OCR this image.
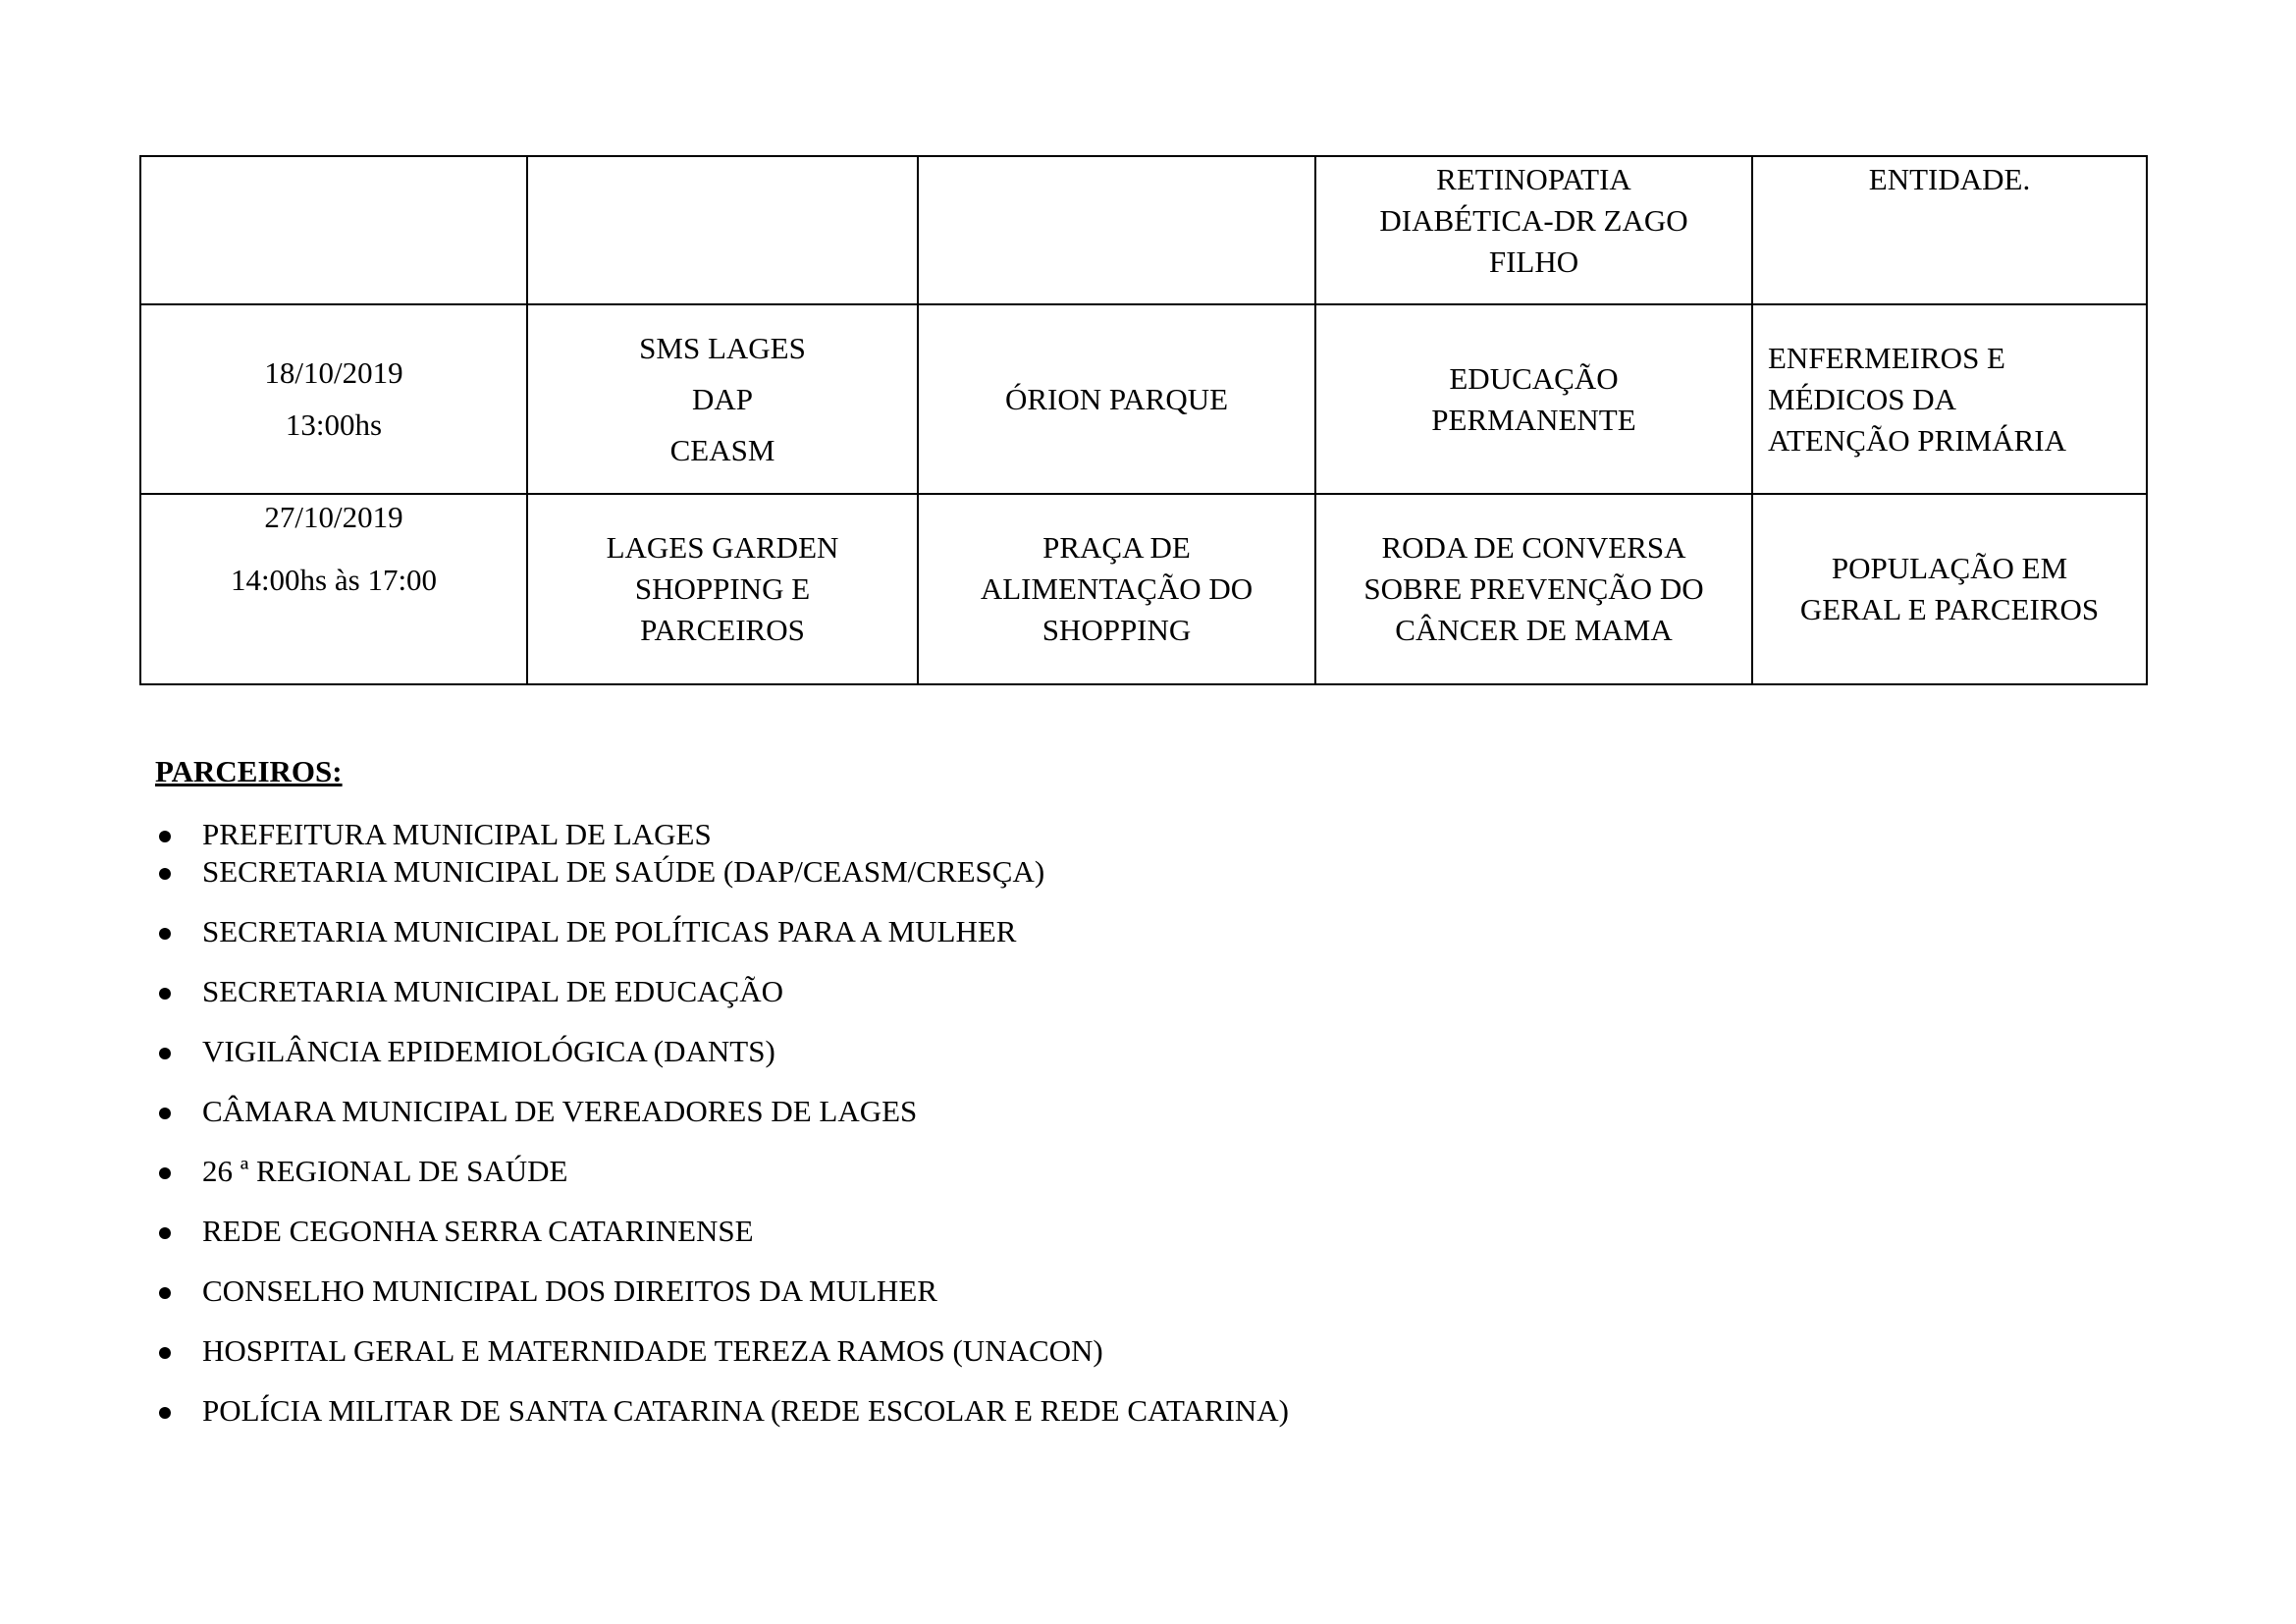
			RETINOPATIA
DIABÉTICA-DR ZAGO
FILHO	ENTIDADE.

18/10/2019
13:00hs	SMS LAGES
DAP
CEASM	ÓRION PARQUE	EDUCAÇÃO
PERMANENTE	ENFERMEIROS E
MÉDICOS DA
ATENÇÃO PRIMÁRIA

27/10/2019
14:00hs às 17:00	LAGES GARDEN
SHOPPING E
PARCEIROS	PRAÇA DE
ALIMENTAÇÃO DO
SHOPPING	RODA DE CONVERSA
SOBRE PREVENÇÃO DO
CÂNCER DE MAMA	POPULAÇÃO EM
GERAL E PARCEIROS
PARCEIROS:
PREFEITURA MUNICIPAL DE LAGES
SECRETARIA MUNICIPAL DE SAÚDE (DAP/CEASM/CRESÇA)
SECRETARIA MUNICIPAL DE POLÍTICAS PARA A MULHER
SECRETARIA MUNICIPAL DE EDUCAÇÃO
VIGILÂNCIA EPIDEMIOLÓGICA (DANTS)
CÂMARA MUNICIPAL DE VEREADORES DE LAGES
26 ª REGIONAL DE SAÚDE
REDE CEGONHA SERRA CATARINENSE
CONSELHO MUNICIPAL DOS DIREITOS DA MULHER
HOSPITAL GERAL E MATERNIDADE TEREZA RAMOS (UNACON)
POLÍCIA MILITAR DE SANTA CATARINA (REDE ESCOLAR E REDE CATARINA)
